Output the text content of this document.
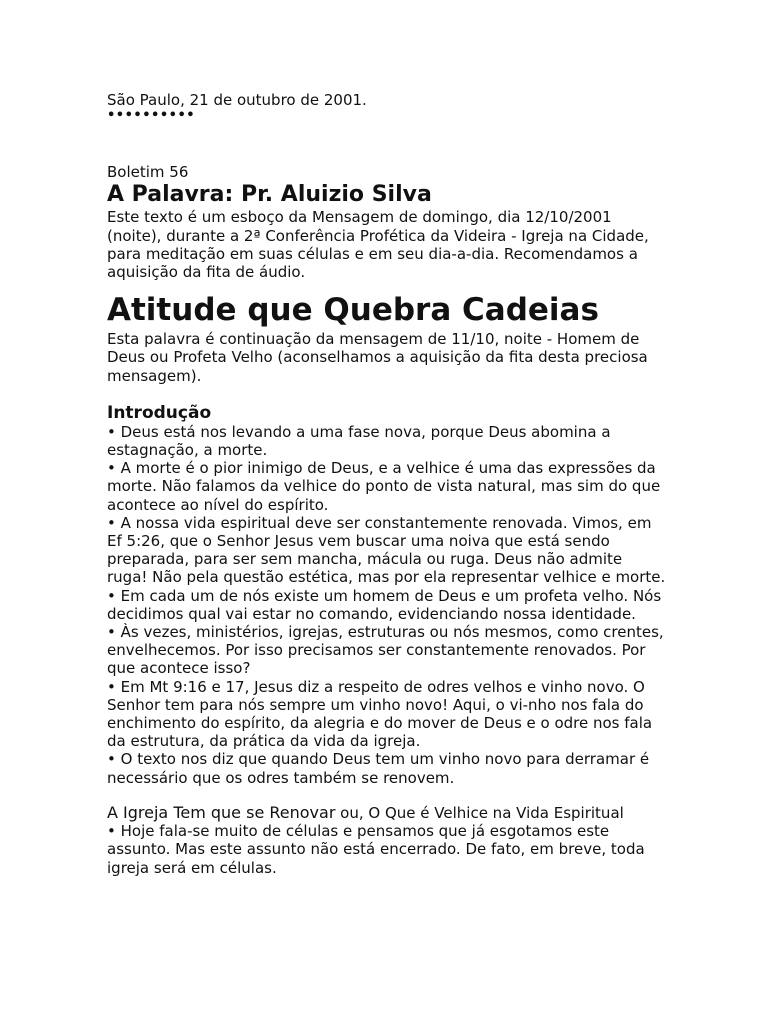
São Paulo, 21 de outubro de 2001.

••••••••••

Boletim 56

A Palavra: Pr. Aluizio Silva

Este texto é um esboço da Mensagem de domingo, dia 12/10/2001 (noite), durante a 2ª Conferência Profética da Videira - Igreja na Cidade, para meditação em suas células e em seu dia-a-dia. Recomendamos a aquisição da fita de áudio.

Atitude que Quebra Cadeias

Esta palavra é continuação da mensagem de 11/10, noite - Homem de Deus ou Profeta Velho (aconselhamos a aquisição da fita desta preciosa mensagem).

Introdução

• Deus está nos levando a uma fase nova, porque Deus abomina a estagnação, a morte.

• A morte é o pior inimigo de Deus, e a velhice é uma das expressões da morte. Não falamos da velhice do ponto de vista natural, mas sim do que acontece ao nível do espírito.

• A nossa vida espiritual deve ser constantemente renovada. Vimos, em Ef 5:26, que o Senhor Jesus vem buscar uma noiva que está sendo preparada, para ser sem mancha, mácula ou ruga. Deus não admite ruga! Não pela questão estética, mas por ela representar velhice e morte.

• Em cada um de nós existe um homem de Deus e um profeta velho. Nós decidimos qual vai estar no comando, evidenciando nossa identidade.

• Às vezes, ministérios, igrejas, estruturas ou nós mesmos, como crentes, envelhecemos. Por isso precisamos ser constantemente renovados. Por que acontece isso?

• Em Mt 9:16 e 17, Jesus diz a respeito de odres velhos e vinho novo. O Senhor tem para nós sempre um vinho novo! Aqui, o vi-nho nos fala do enchimento do espírito, da alegria e do mover de Deus e o odre nos fala da estrutura, da prática da vida da igreja.

• O texto nos diz que quando Deus tem um vinho novo para derramar é necessário que os odres também se renovem.

A Igreja Tem que se Renovar ou, O Que é Velhice na Vida Espiritual

• Hoje fala-se muito de células e pensamos que já esgotamos este assunto. Mas este assunto não está encerrado. De fato, em breve, toda igreja será em células.
